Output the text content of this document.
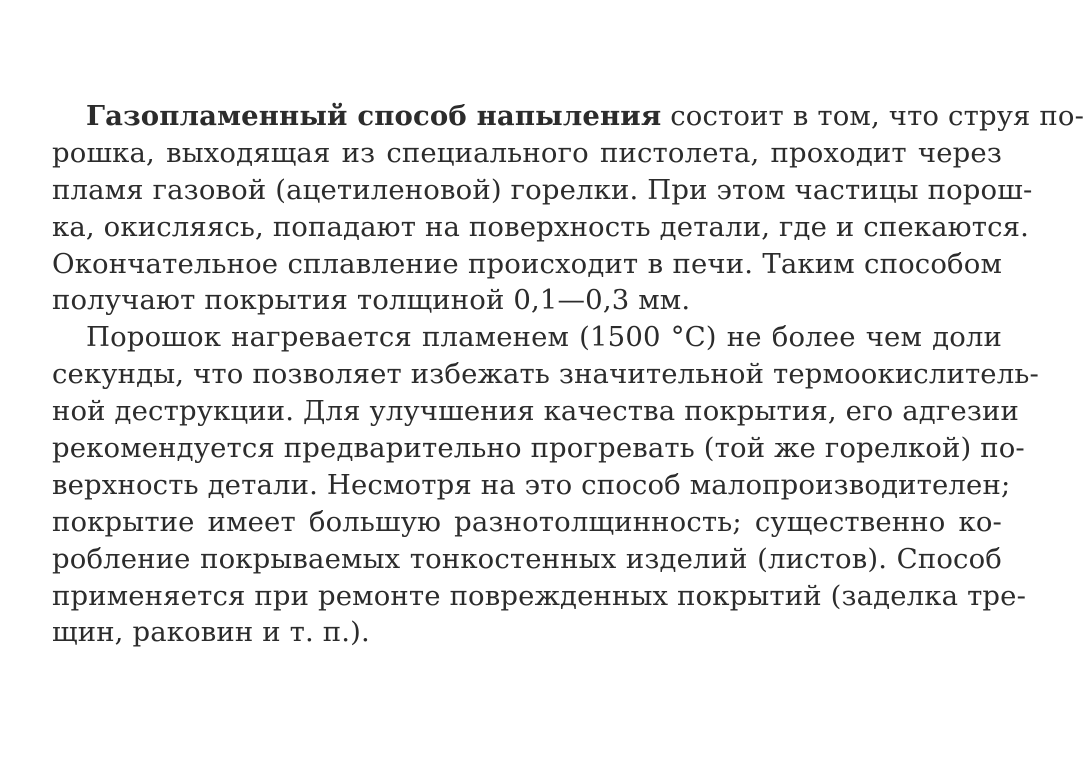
Газопламенный способ напыления состоит в том, что струя по-
рошка, выходящая из специального пистолета, проходит через
пламя газовой (ацетиленовой) горелки. При этом частицы порош-
ка, окисляясь, попадают на поверхность детали, где и спекаются.
Окончательное сплавление происходит в печи. Таким способом
получают покрытия толщиной 0,1—0,3 мм.
Порошок нагревается пламенем (1500 °С) не более чем доли
секунды, что позволяет избежать значительной термоокислитель-
ной деструкции. Для улучшения качества покрытия, его адгезии
рекомендуется предварительно прогревать (той же горелкой) по-
верхность детали. Несмотря на это способ малопроизводителен;
покрытие имеет большую разнотолщинность; существенно ко-
робление покрываемых тонкостенных изделий (листов). Способ
применяется при ремонте поврежденных покрытий (заделка тре-
щин, раковин и т. п.).
